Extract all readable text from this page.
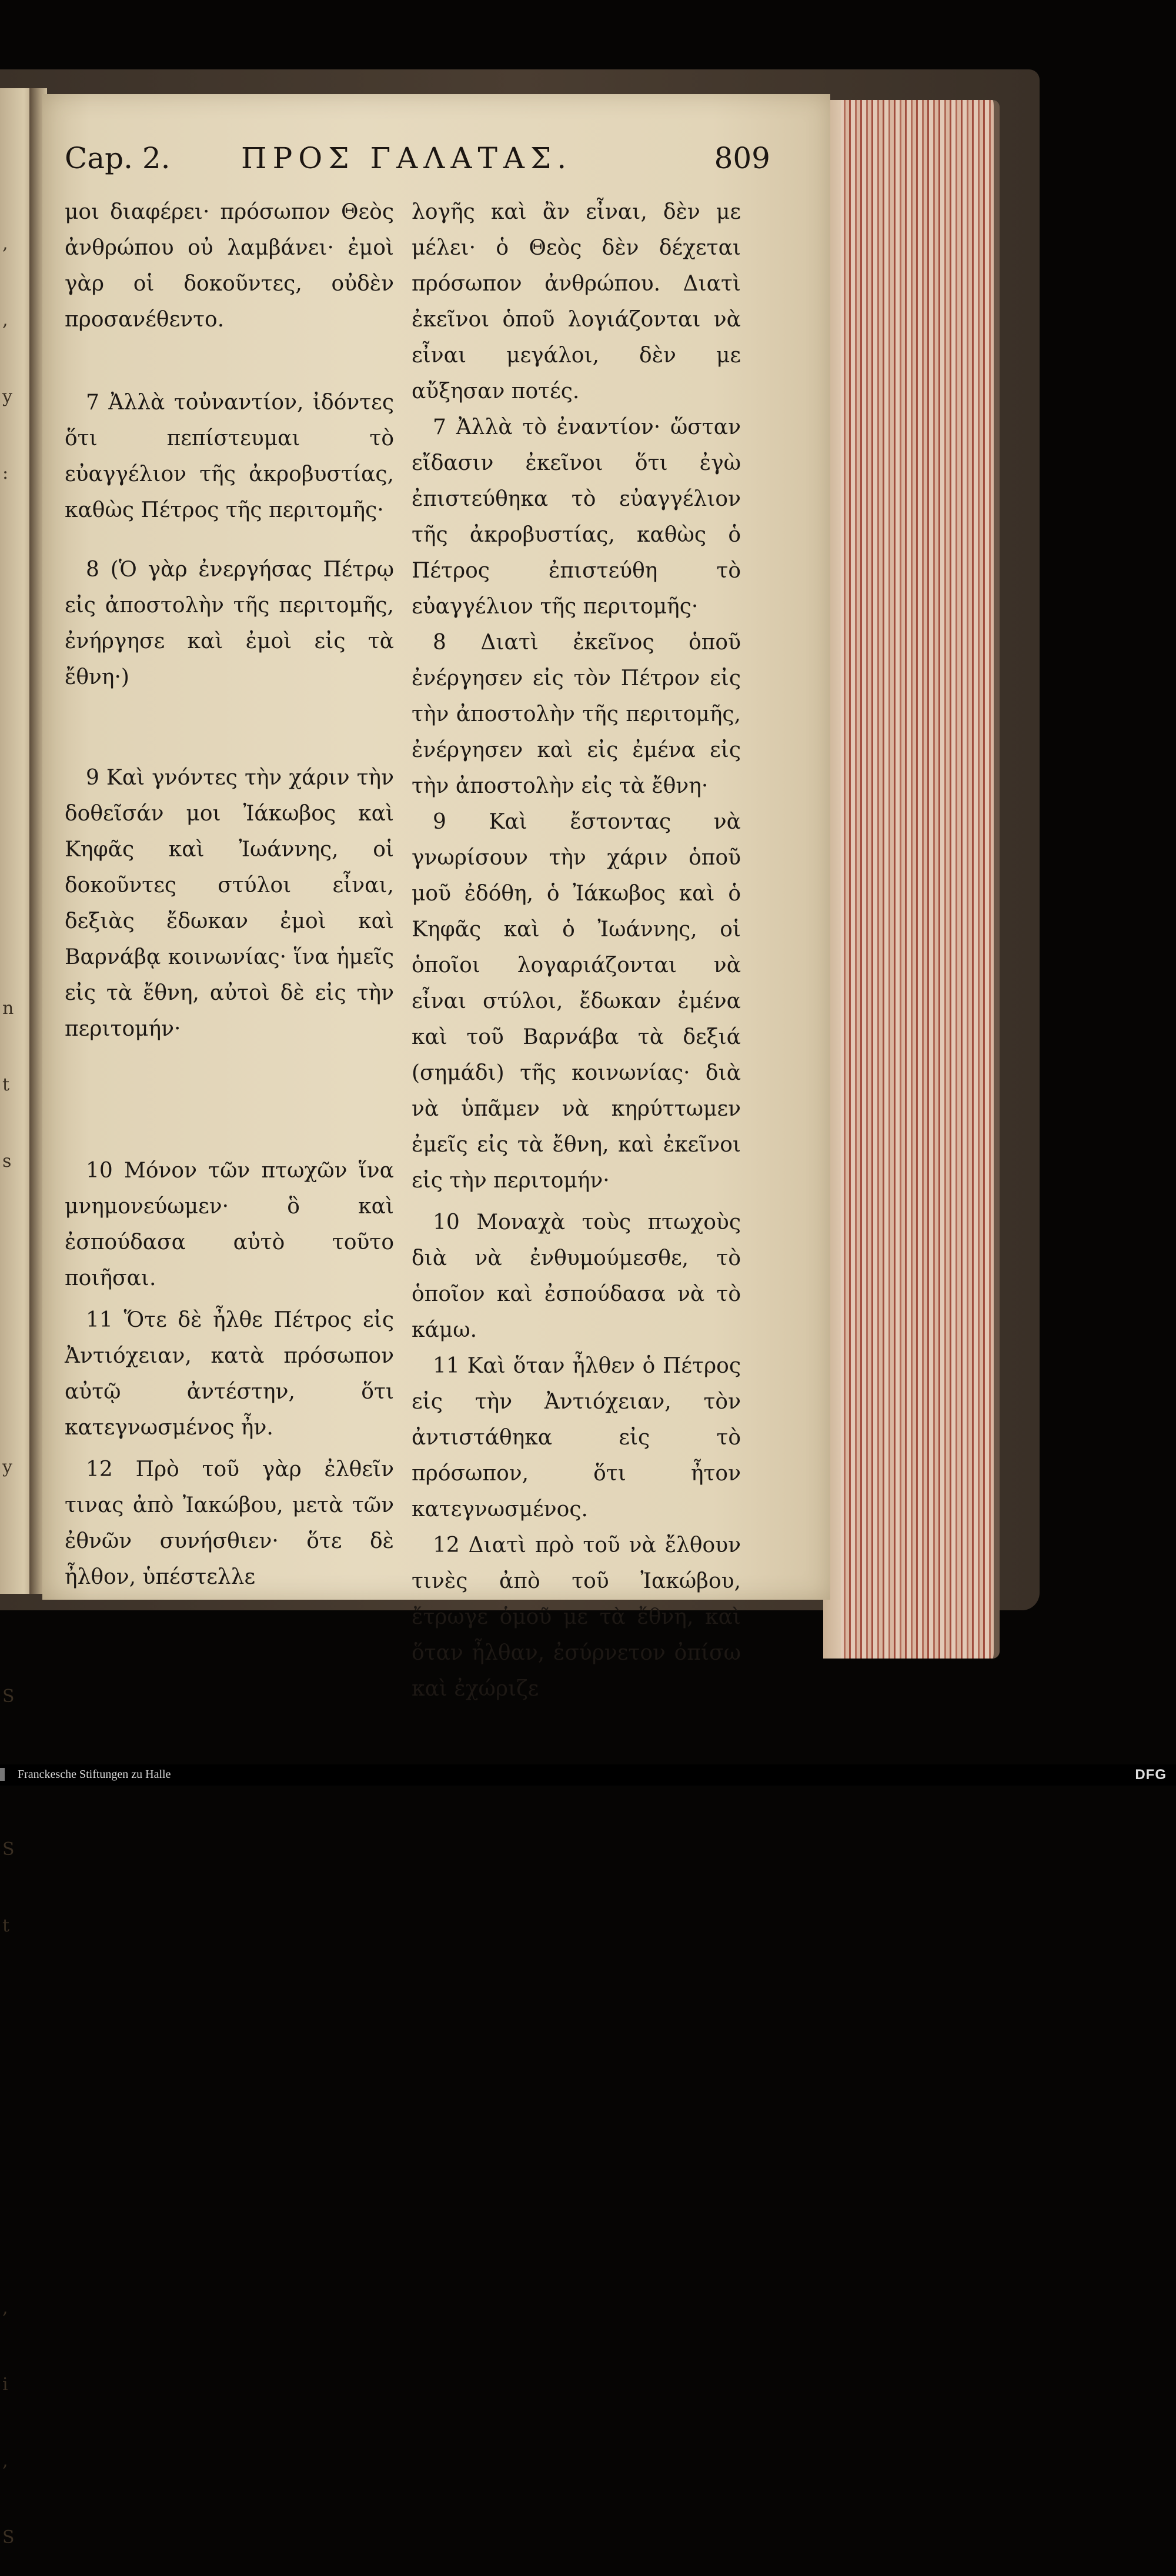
,
,
y
:

n
t
s

y

S

S
t

,
i
,
S
Cap. 2. ΠΡΟΣ ΓΑΛΑΤΑΣ.	809

μοι διαφέρει· πρόσωπον Θεὸς ἀνθρώπου οὐ λαμβάνει· ἐμοὶ γὰρ οἱ δοκοῦντες, οὐδὲν προσανέθεντο.

 7 Ἀλλὰ τοὐναντίον, ἰδόντες ὅτι πεπίστευμαι τὸ εὐαγγέλιον τῆς ἀκροβυστίας, καθὼς Πέτρος τῆς περιτομῆς·

 8 (Ὁ γὰρ ἐνεργήσας Πέτρῳ εἰς ἀποστολὴν τῆς περιτομῆς, ἐνήργησε καὶ ἐμοὶ εἰς τὰ ἔθνη·)

 9 Καὶ γνόντες τὴν χάριν τὴν δοθεῖσάν μοι Ἰάκωβος καὶ Κηφᾶς καὶ Ἰωάννης, οἱ δοκοῦντες στύλοι εἶναι, δεξιὰς ἔδωκαν ἐμοὶ καὶ Βαρνάβᾳ κοινωνίας· ἵνα ἡμεῖς εἰς τὰ ἔθνη, αὐτοὶ δὲ εἰς τὴν περιτομήν·

 10 Μόνον τῶν πτωχῶν ἵνα μνημονεύωμεν· ὃ καὶ ἐσπούδασα αὐτὸ τοῦτο ποιῆσαι.

 11 Ὅτε δὲ ἦλθε Πέτρος εἰς Ἀντιόχειαν, κατὰ πρόσωπον αὐτῷ ἀντέστην, ὅτι κατεγνωσμένος ἦν.

 12 Πρὸ τοῦ γὰρ ἐλθεῖν τινας ἀπὸ Ἰακώβου, μετὰ τῶν ἐθνῶν συνήσθιεν· ὅτε δὲ ἦλθον, ὑπέστελλε

λογῆς καὶ ἂν εἶναι, δὲν με μέλει· ὁ Θεὸς δὲν δέχεται πρόσωπον ἀνθρώπου. Διατὶ ἐκεῖνοι ὁποῦ λογιάζονται νὰ εἶναι μεγάλοι, δὲν με αὔξησαν ποτές.

 7 Ἀλλὰ τὸ ἐναντίον· ὥσταν εἴδασιν ἐκεῖνοι ὅτι ἐγὼ ἐπιστεύθηκα τὸ εὐαγγέλιον τῆς ἀκροβυστίας, καθὼς ὁ Πέτρος ἐπιστεύθη τὸ εὐαγγέλιον τῆς περιτομῆς·

 8 Διατὶ ἐκεῖνος ὁποῦ ἐνέργησεν εἰς τὸν Πέτρον εἰς τὴν ἀποστολὴν τῆς περιτομῆς, ἐνέργησεν καὶ εἰς ἐμένα εἰς τὴν ἀποστολὴν εἰς τὰ ἔθνη·

 9 Καὶ ἔστοντας νὰ γνωρίσουν τὴν χάριν ὁποῦ μοῦ ἐδόθη, ὁ Ἰάκωβος καὶ ὁ Κηφᾶς καὶ ὁ Ἰωάννης, οἱ ὁποῖοι λογαριάζονται νὰ εἶναι στύλοι, ἔδωκαν ἐμένα καὶ τοῦ Βαρνάβα τὰ δεξιά (σημάδι) τῆς κοινωνίας· διὰ νὰ ὑπᾶμεν νὰ κηρύττωμεν ἐμεῖς εἰς τὰ ἔθνη, καὶ ἐκεῖνοι εἰς τὴν περιτομήν·

 10 Μοναχὰ τοὺς πτωχοὺς διὰ νὰ ἐνθυμούμεσθε, τὸ ὁποῖον καὶ ἐσπούδασα νὰ τὸ κάμω.

 11 Καὶ ὅταν ἦλθεν ὁ Πέτρος εἰς τὴν Ἀντιόχειαν, τὸν ἀντιστάθηκα εἰς τὸ πρόσωπον, ὅτι ἦτον κατεγνωσμένος.

 12 Διατὶ πρὸ τοῦ νὰ ἔλθουν τινὲς ἀπὸ τοῦ Ἰακώβου, ἔτρωγε ὁμοῦ με τὰ ἔθνη, καὶ ὅταν ἦλθαν, ἐσύρνετον ὀπίσω καὶ ἐχώριζε

Franckesche Stiftungen zu Halle	DFG
